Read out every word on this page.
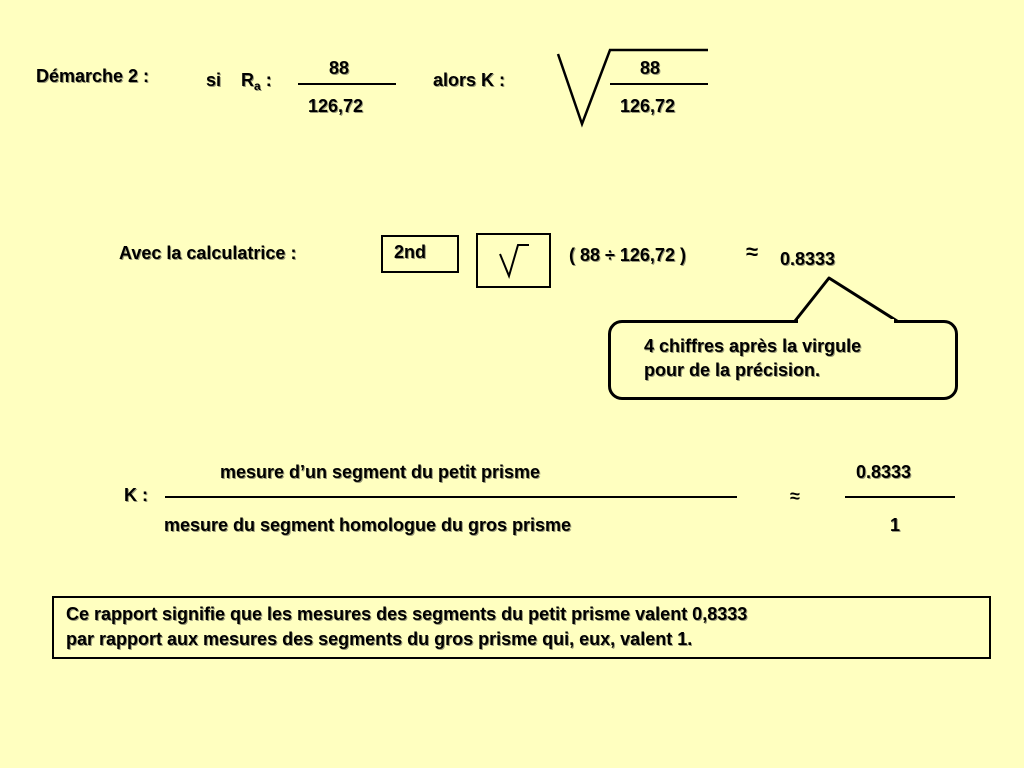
Démarche 2 :	si $R_a$ :
88
126,72
alors K :
88
126,72
Avec la calculatrice :	2nd	( 88 ÷ 126,72 )	≈ 0.8333
4 chiffres après la virgule
pour de la précision.
mesure d’un segment du petit prisme
K :
mesure du segment homologue du gros prisme
≈
0.8333
1
Ce rapport signifie que les mesures des segments du petit prisme valent 0,8333
par rapport aux mesures des segments du gros prisme qui, eux, valent 1.
